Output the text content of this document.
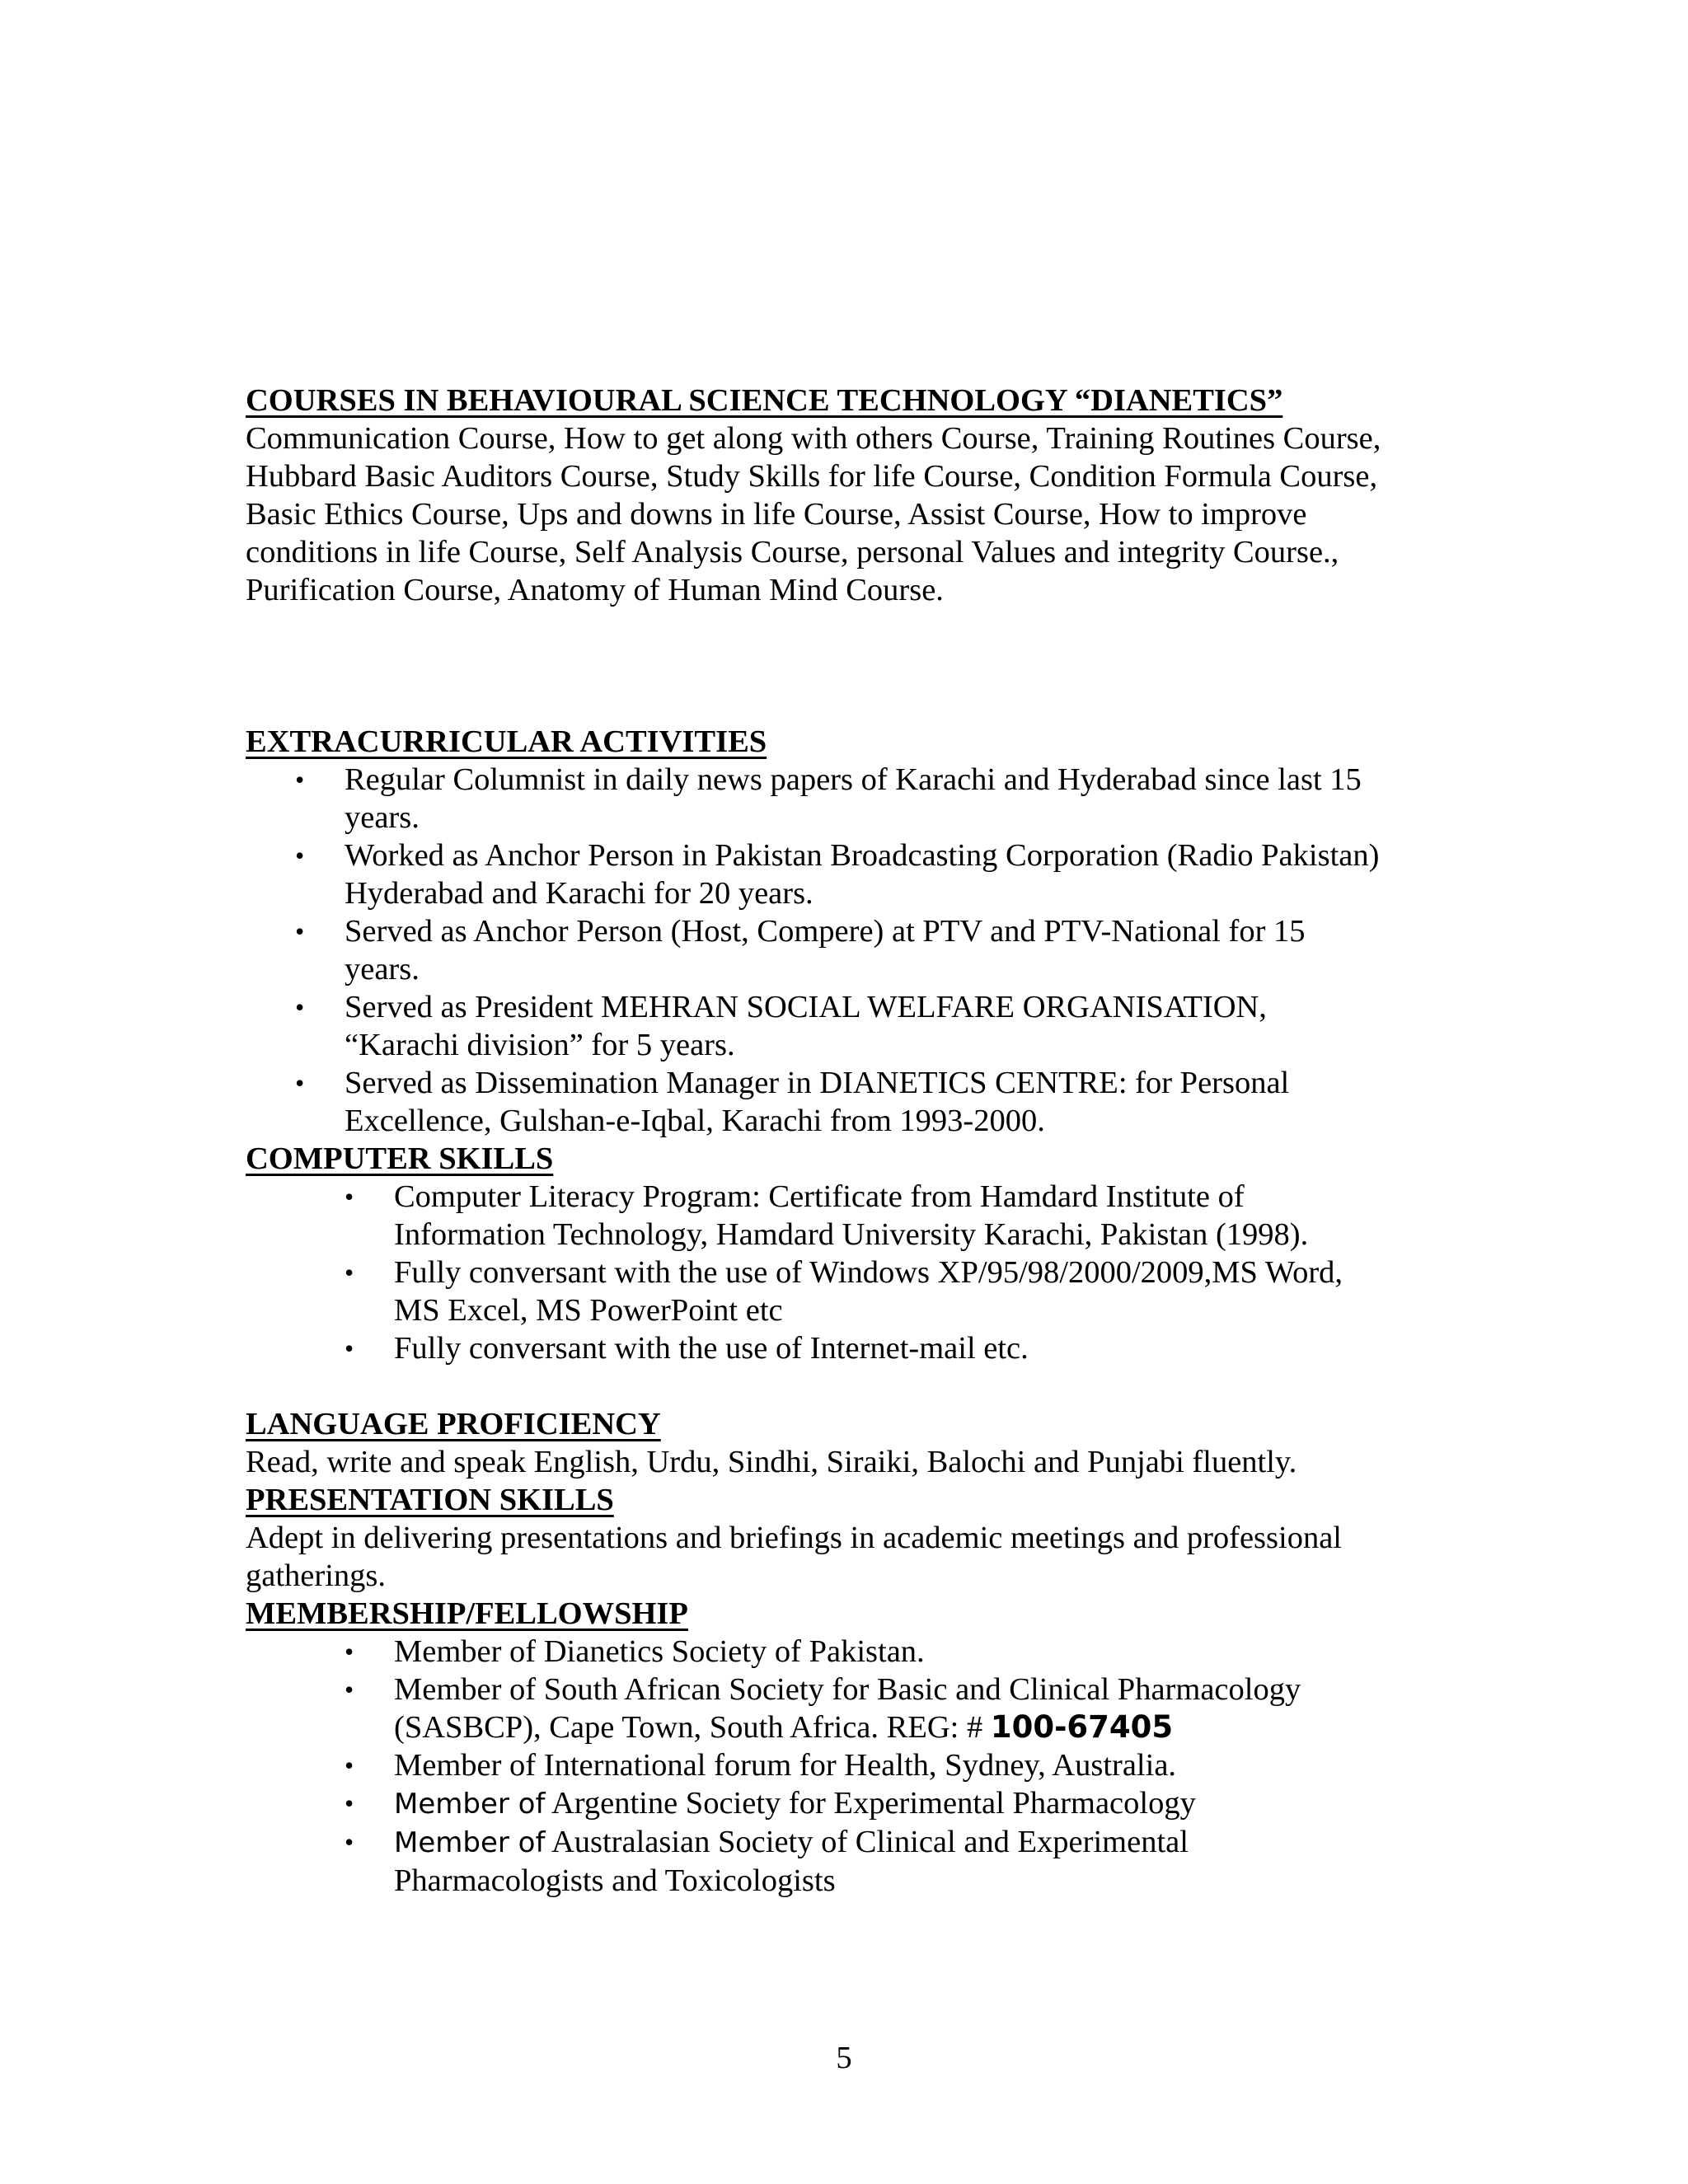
COURSES IN BEHAVIOURAL SCIENCE TECHNOLOGY “DIANETICS”

Communication Course, How to get along with others Course, Training Routines Course,
Hubbard Basic Auditors Course, Study Skills for life Course, Condition Formula Course,
Basic Ethics Course, Ups and downs in life Course, Assist Course, How to improve
conditions in life Course, Self Analysis Course, personal Values and integrity Course.,
Purification Course, Anatomy of Human Mind Course.

EXTRACURRICULAR ACTIVITIES

• Regular Columnist in daily news papers of Karachi and Hyderabad since last 15
years.
• Worked as Anchor Person in Pakistan Broadcasting Corporation (Radio Pakistan)
Hyderabad and Karachi for 20 years.
• Served as Anchor Person (Host, Compere) at PTV and PTV-National for 15
years.
• Served as President MEHRAN SOCIAL WELFARE ORGANISATION,
“Karachi division” for 5 years.
• Served as Dissemination Manager in DIANETICS CENTRE: for Personal
Excellence, Gulshan-e-Iqbal, Karachi from 1993-2000.

COMPUTER SKILLS

• Computer Literacy Program: Certificate from Hamdard Institute of
Information Technology, Hamdard University Karachi, Pakistan (1998).
• Fully conversant with the use of Windows XP/95/98/2000/2009,MS Word,
MS Excel, MS PowerPoint etc
• Fully conversant with the use of Internet-mail etc.

LANGUAGE PROFICIENCY

Read, write and speak English, Urdu, Sindhi, Siraiki, Balochi and Punjabi fluently.

PRESENTATION SKILLS

Adept in delivering presentations and briefings in academic meetings and professional
gatherings.

MEMBERSHIP/FELLOWSHIP

• Member of Dianetics Society of Pakistan.
• Member of South African Society for Basic and Clinical Pharmacology
(SASBCP), Cape Town, South Africa. REG: # 100-67405
• Member of International forum for Health, Sydney, Australia.
• Member of Argentine Society for Experimental Pharmacology
• Member of Australasian Society of Clinical and Experimental
Pharmacologists and Toxicologists
5
